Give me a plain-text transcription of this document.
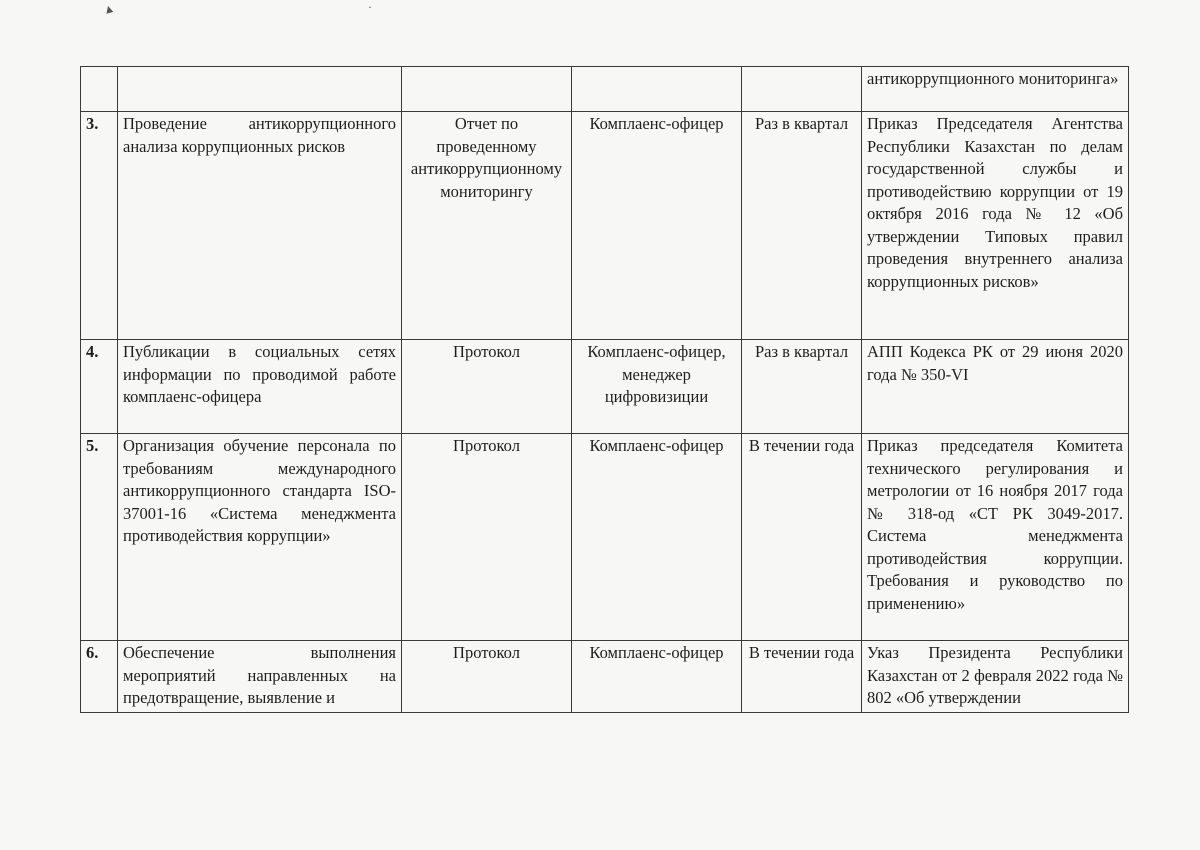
▲	·
					антикоррупционного мониторинга»
3.	Проведение антикоррупционного анализа коррупционных рисков	Отчет по проведенному антикоррупционному мониторингу	Комплаенс-офицер	Раз в квартал	Приказ Председателя Агентства Республики Казахстан по делам государственной службы и противодействию коррупции от 19 октября 2016 года № 12 «Об утверждении Типовых правил проведения внутреннего анализа коррупционных рисков»
4.	Публикации в социальных сетях информации по проводимой работе комплаенс-офицера	Протокол	Комплаенс-офицер, менеджер цифровизиции	Раз в квартал	АПП Кодекса РК от 29 июня 2020 года № 350-VI
5.	Организация обучение персонала по требованиям международного антикоррупционного стандарта ISO-37001-16 «Система менеджмента противодействия коррупции»	Протокол	Комплаенс-офицер	В течении года	Приказ председателя Комитета технического регулирования и метрологии от 16 ноября 2017 года № 318-од «СТ РК 3049-2017. Система менеджмента противодействия коррупции. Требования и руководство по применению»
6.	Обеспечение выполнения мероприятий направленных на предотвращение, выявление и	Протокол	Комплаенс-офицер	В течении года	Указ Президента Республики Казахстан от 2 февраля 2022 года № 802 «Об утверждении
